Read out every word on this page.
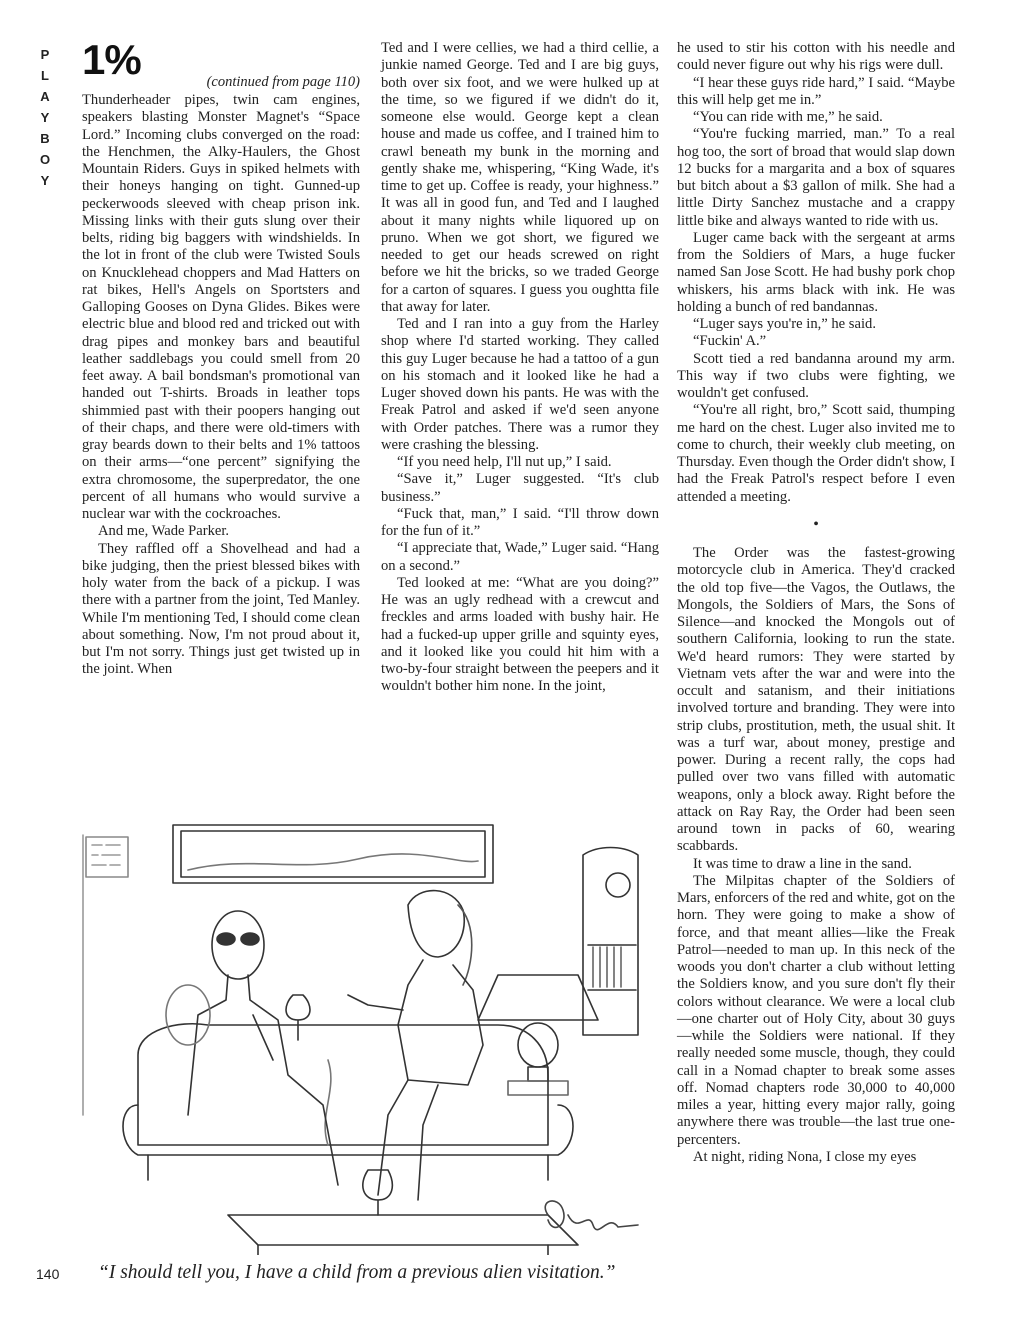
P
L
A
Y
B
O
Y
1%	(continued from page 110)

Thunderheader pipes, twin cam engines, speakers blasting Monster Magnet's “Space Lord.” Incoming clubs converged on the road: the Henchmen, the Alky-Haulers, the Ghost Mountain Riders. Guys in spiked helmets with their honeys hanging on tight. Gunned-up peckerwoods sleeved with cheap prison ink. Missing links with their guts slung over their belts, riding big baggers with windshields. In the lot in front of the club were Twisted Souls on Knucklehead choppers and Mad Hatters on rat bikes, Hell's Angels on Sportsters and Galloping Gooses on Dyna Glides. Bikes were electric blue and blood red and tricked out with drag pipes and monkey bars and beautiful leather saddlebags you could smell from 20 feet away. A bail bondsman's promotional van handed out T-shirts. Broads in leather tops shimmied past with their poopers hanging out of their chaps, and there were old-timers with gray beards down to their belts and 1% tattoos on their arms—“one percent” signifying the extra chromosome, the superpredator, the one percent of all humans who would survive a nuclear war with the cockroaches.

And me, Wade Parker.

They raffled off a Shovelhead and had a bike judging, then the priest blessed bikes with holy water from the back of a pickup. I was there with a partner from the joint, Ted Manley. While I'm mentioning Ted, I should come clean about something. Now, I'm not proud about it, but I'm not sorry. Things just get twisted up in the joint. When

Ted and I were cellies, we had a third cellie, a junkie named George. Ted and I are big guys, both over six foot, and we were hulked up at the time, so we figured if we didn't do it, someone else would. George kept a clean house and made us coffee, and I trained him to crawl beneath my bunk in the morning and gently shake me, whispering, “King Wade, it's time to get up. Coffee is ready, your highness.” It was all in good fun, and Ted and I laughed about it many nights while liquored up on pruno. When we got short, we figured we needed to get our heads screwed on right before we hit the bricks, so we traded George for a carton of squares. I guess you oughtta file that away for later.

Ted and I ran into a guy from the Harley shop where I'd started working. They called this guy Luger because he had a tattoo of a gun on his stomach and it looked like he had a Luger shoved down his pants. He was with the Freak Patrol and asked if we'd seen anyone with Order patches. There was a rumor they were crashing the blessing.

“If you need help, I'll nut up,” I said.

“Save it,” Luger suggested. “It's club business.”

“Fuck that, man,” I said. “I'll throw down for the fun of it.”

“I appreciate that, Wade,” Luger said. “Hang on a second.”

Ted looked at me: “What are you doing?” He was an ugly redhead with a crewcut and freckles and arms loaded with bushy hair. He had a fucked-up upper grille and squinty eyes, and it looked like you could hit him with a two-by-four straight between the peepers and it wouldn't bother him none. In the joint,

he used to stir his cotton with his needle and could never figure out why his rigs were dull.

“I hear these guys ride hard,” I said. “Maybe this will help get me in.”

“You can ride with me,” he said.

“You're fucking married, man.” To a real hog too, the sort of broad that would slap down 12 bucks for a margarita and a box of squares but bitch about a $3 gallon of milk. She had a little Dirty Sanchez mustache and a crappy little bike and always wanted to ride with us.

Luger came back with the sergeant at arms from the Soldiers of Mars, a huge fucker named San Jose Scott. He had bushy pork chop whiskers, his arms black with ink. He was holding a bunch of red bandannas.

“Luger says you're in,” he said.

“Fuckin' A.”

Scott tied a red bandanna around my arm. This way if two clubs were fighting, we wouldn't get confused.

“You're all right, bro,” Scott said, thumping me hard on the chest. Luger also invited me to come to church, their weekly club meeting, on Thursday. Even though the Order didn't show, I had the Freak Patrol's respect before I even attended a meeting.

•

The Order was the fastest-growing motorcycle club in America. They'd cracked the old top five—the Vagos, the Outlaws, the Mongols, the Soldiers of Mars, the Sons of Silence—and knocked the Mongols out of southern California, looking to run the state. We'd heard rumors: They were started by Vietnam vets after the war and were into the occult and satanism, and their initiations involved torture and branding. They were into strip clubs, prostitution, meth, the usual shit. It was a turf war, about money, prestige and power. During a recent rally, the cops had pulled over two vans filled with automatic weapons, only a block away. Right before the attack on Ray Ray, the Order had been seen around town in packs of 60, wearing scabbards.

It was time to draw a line in the sand.

The Milpitas chapter of the Soldiers of Mars, enforcers of the red and white, got on the horn. They were going to make a show of force, and that meant allies—like the Freak Patrol—needed to man up. In this neck of the woods you don't charter a club without letting the Soldiers know, and you sure don't fly their colors without clearance. We were a local club—one charter out of Holy City, about 30 guys—while the Soldiers were national. If they really needed some muscle, though, they could call in a Nomad chapter to break some asses off. Nomad chapters rode 30,000 to 40,000 miles a year, hitting every major rally, going anywhere there was trouble—the last true one-percenters.

At night, riding Nona, I close my eyes

140 “I should tell you, I have a child from a previous alien visitation.”
